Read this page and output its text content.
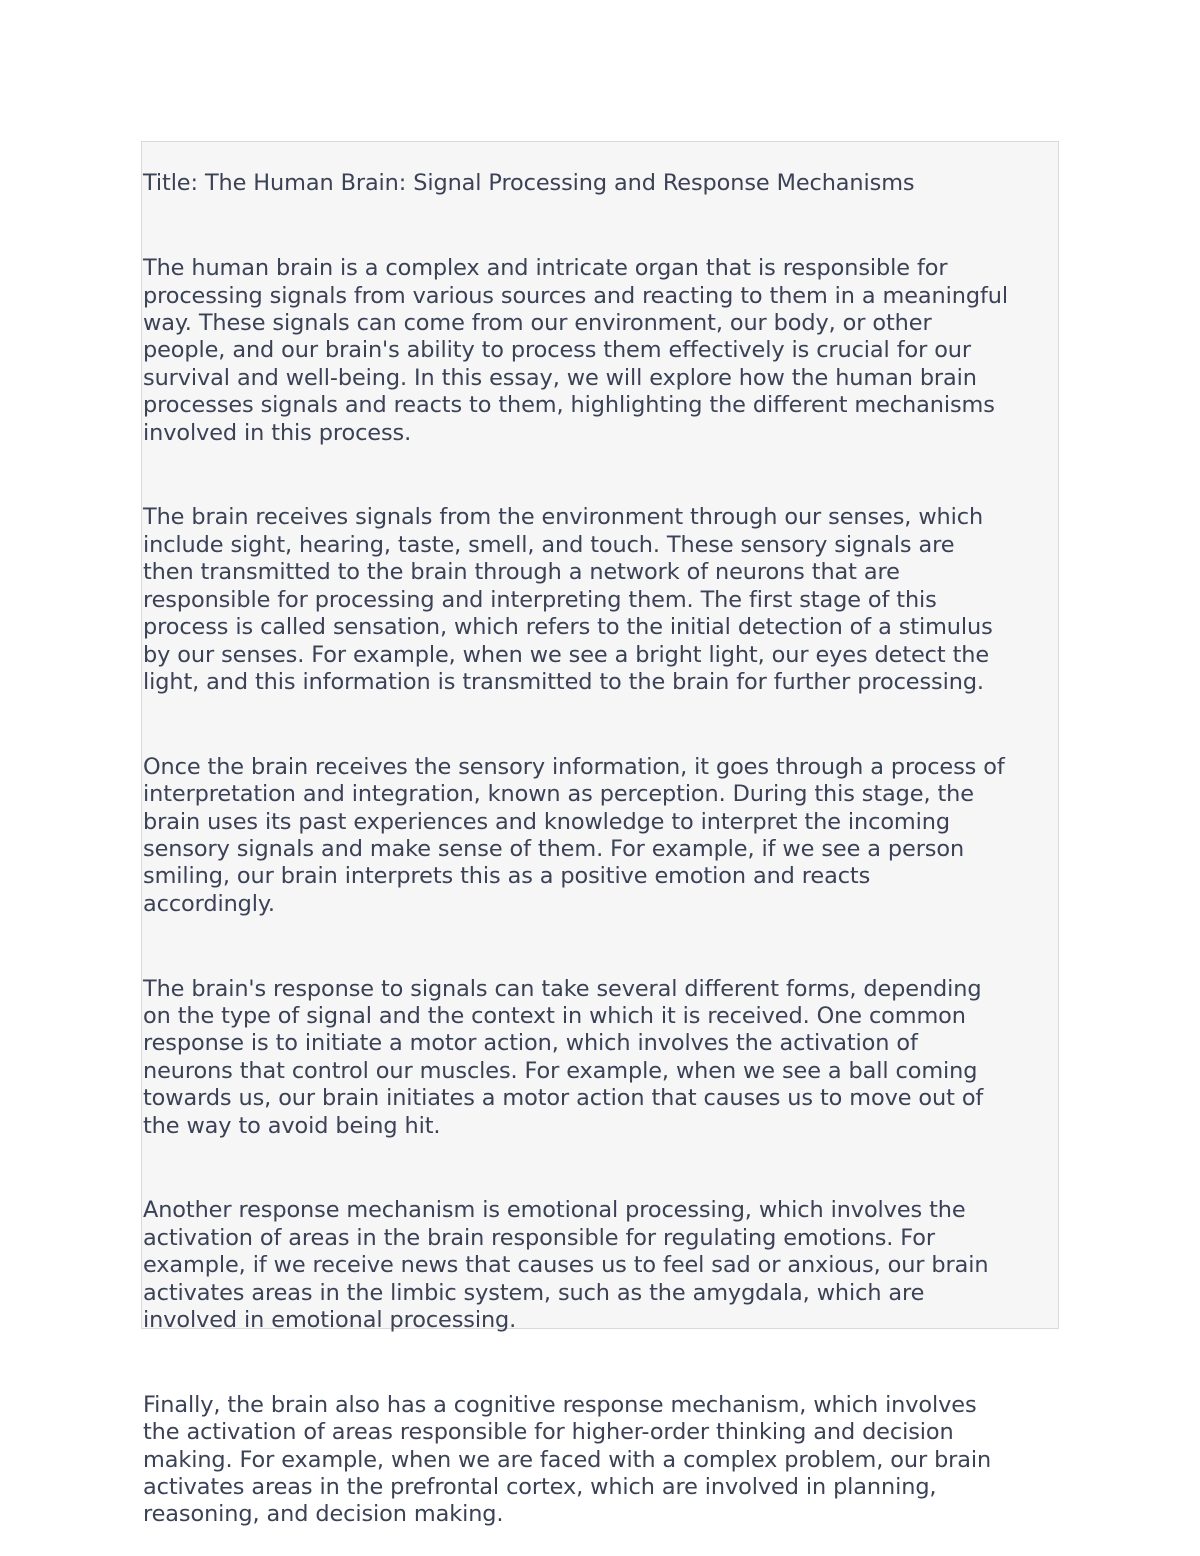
Title: The Human Brain: Signal Processing and Response Mechanisms

The human brain is a complex and intricate organ that is responsible for
processing signals from various sources and reacting to them in a meaningful
way. These signals can come from our environment, our body, or other
people, and our brain's ability to process them effectively is crucial for our
survival and well-being. In this essay, we will explore how the human brain
processes signals and reacts to them, highlighting the different mechanisms
involved in this process.

The brain receives signals from the environment through our senses, which
include sight, hearing, taste, smell, and touch. These sensory signals are
then transmitted to the brain through a network of neurons that are
responsible for processing and interpreting them. The first stage of this
process is called sensation, which refers to the initial detection of a stimulus
by our senses. For example, when we see a bright light, our eyes detect the
light, and this information is transmitted to the brain for further processing.

Once the brain receives the sensory information, it goes through a process of
interpretation and integration, known as perception. During this stage, the
brain uses its past experiences and knowledge to interpret the incoming
sensory signals and make sense of them. For example, if we see a person
smiling, our brain interprets this as a positive emotion and reacts
accordingly.

The brain's response to signals can take several different forms, depending
on the type of signal and the context in which it is received. One common
response is to initiate a motor action, which involves the activation of
neurons that control our muscles. For example, when we see a ball coming
towards us, our brain initiates a motor action that causes us to move out of
the way to avoid being hit.

Another response mechanism is emotional processing, which involves the
activation of areas in the brain responsible for regulating emotions. For
example, if we receive news that causes us to feel sad or anxious, our brain
activates areas in the limbic system, such as the amygdala, which are
involved in emotional processing.

Finally, the brain also has a cognitive response mechanism, which involves
the activation of areas responsible for higher-order thinking and decision
making. For example, when we are faced with a complex problem, our brain
activates areas in the prefrontal cortex, which are involved in planning,
reasoning, and decision making.
